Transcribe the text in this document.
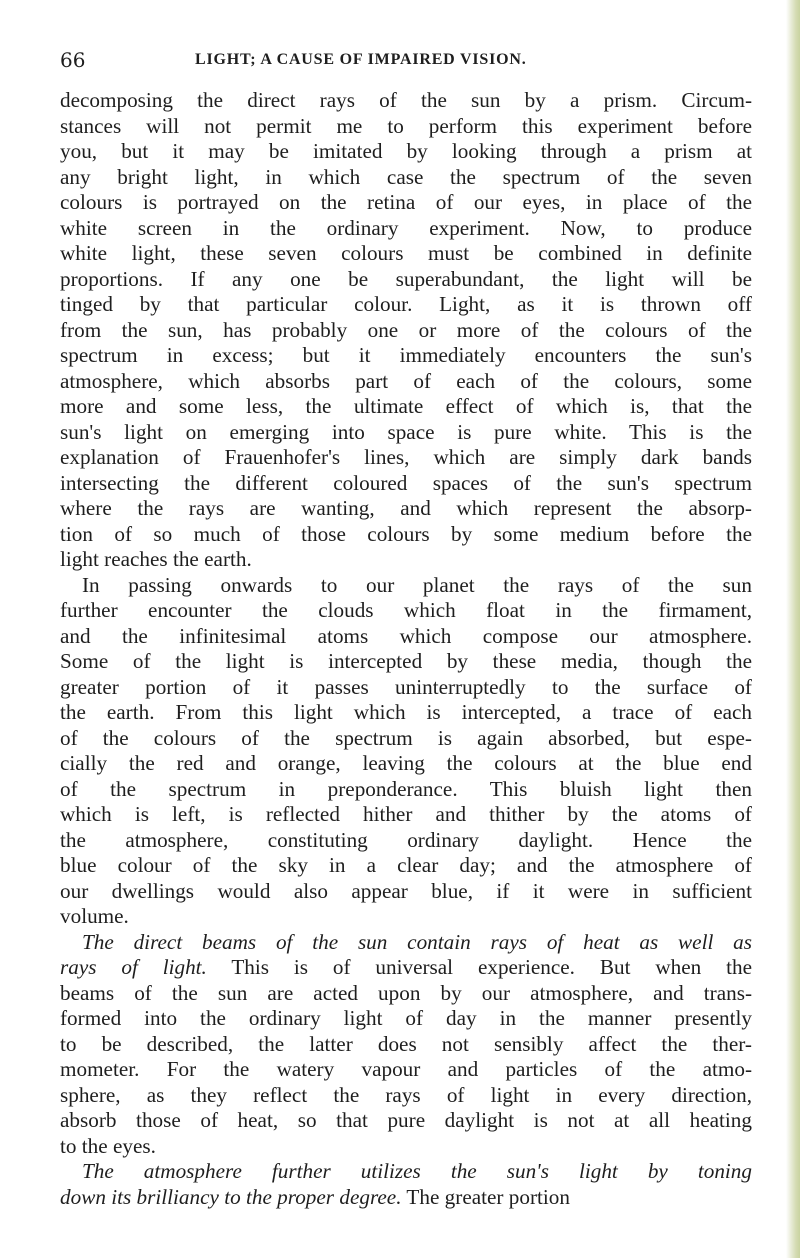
66	LIGHT; A CAUSE OF IMPAIRED VISION.
decomposing the direct rays of the sun by a prism. Circum-
stances will not permit me to perform this experiment before
you, but it may be imitated by looking through a prism at
any bright light, in which case the spectrum of the seven
colours is portrayed on the retina of our eyes, in place of the
white screen in the ordinary experiment. Now, to produce
white light, these seven colours must be combined in definite
proportions. If any one be superabundant, the light will be
tinged by that particular colour. Light, as it is thrown off
from the sun, has probably one or more of the colours of the
spectrum in excess; but it immediately encounters the sun's
atmosphere, which absorbs part of each of the colours, some
more and some less, the ultimate effect of which is, that the
sun's light on emerging into space is pure white. This is the
explanation of Frauenhofer's lines, which are simply dark bands
intersecting the different coloured spaces of the sun's spectrum
where the rays are wanting, and which represent the absorp-
tion of so much of those colours by some medium before the
light reaches the earth.
In passing onwards to our planet the rays of the sun
further encounter the clouds which float in the firmament,
and the infinitesimal atoms which compose our atmosphere.
Some of the light is intercepted by these media, though the
greater portion of it passes uninterruptedly to the surface of
the earth. From this light which is intercepted, a trace of each
of the colours of the spectrum is again absorbed, but espe-
cially the red and orange, leaving the colours at the blue end
of the spectrum in preponderance. This bluish light then
which is left, is reflected hither and thither by the atoms of
the atmosphere, constituting ordinary daylight. Hence the
blue colour of the sky in a clear day; and the atmosphere of
our dwellings would also appear blue, if it were in sufficient
volume.
The direct beams of the sun contain rays of heat as well as
rays of light. This is of universal experience. But when the
beams of the sun are acted upon by our atmosphere, and trans-
formed into the ordinary light of day in the manner presently
to be described, the latter does not sensibly affect the ther-
mometer. For the watery vapour and particles of the atmo-
sphere, as they reflect the rays of light in every direction,
absorb those of heat, so that pure daylight is not at all heating
to the eyes.
The atmosphere further utilizes the sun's light by toning
down its brilliancy to the proper degree. The greater portion
